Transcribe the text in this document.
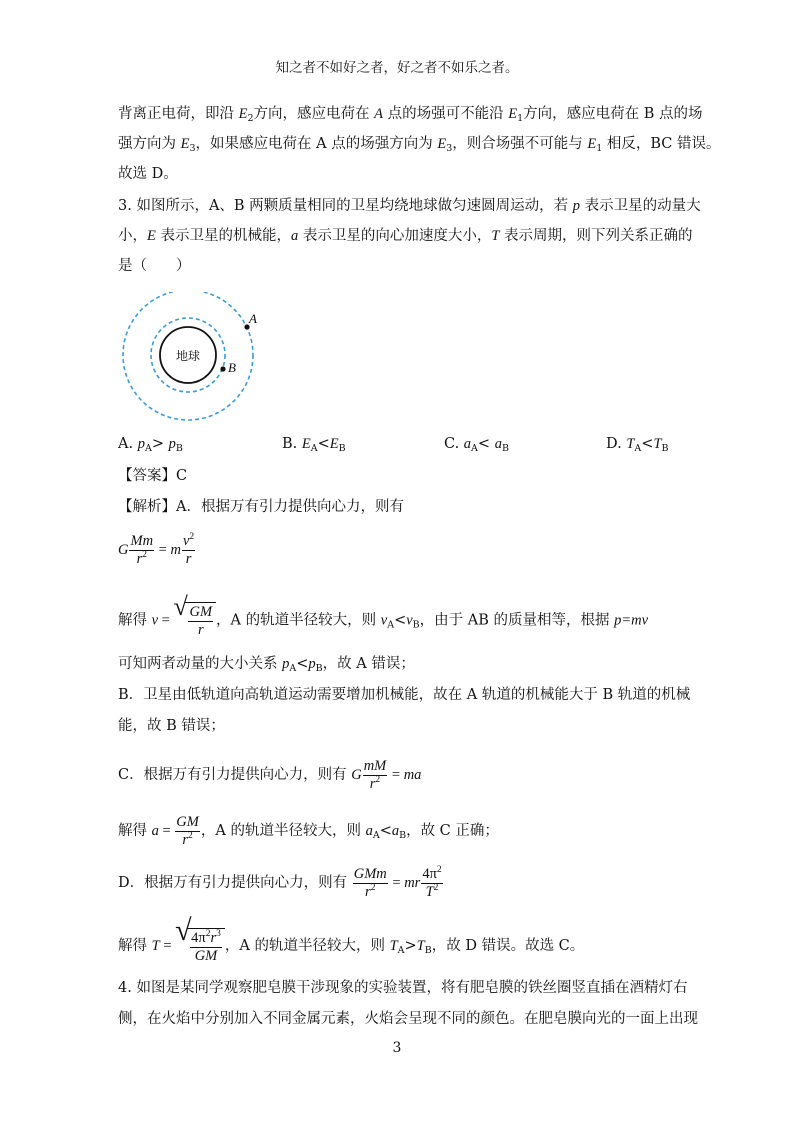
知之者不如好之者，好之者不如乐之者。
背离正电荷，即沿 $E_2$方向，感应电荷在 A 点的场强可不能沿 $E_1$方向，感应电荷在 B 点的场
强方向为 $E_3$，如果感应电荷在 A 点的场强方向为 $E_3$，则合场强不可能与 $E_1$ 相反，BC 错误。
故选 D。
3. 如图所示，A、B 两颗质量相同的卫星均绕地球做匀速圆周运动，若 p 表示卫星的动量大
小，E 表示卫星的机械能，a 表示卫星的向心加速度大小，T 表示周期，则下列关系正确的
是（　　）
地球
A
B
A. $p_A> p_B$	B. $E_A<E_B$	C. $a_A< a_B$	D. $T_A<T_B$
【答案】C
【解析】A．根据万有引力提供向心力，则有
G $\frac{Mm}{r^2} = m \frac{v^2}{r}$
解得 v = √ $\frac{GM}{r}$ ，A 的轨道半径较大，则 $v_A<v_B$，由于 AB 的质量相等，根据 p=mv
可知两者动量的大小关系 $p_A<p_B$，故 A 错误；
B．卫星由低轨道向高轨道运动需要增加机械能，故在 A 轨道的机械能大于 B 轨道的机械
能，故 B 错误；
C．根据万有引力提供向心力，则有 G $\frac{mM}{r^2}$ = ma
解得 $a = \frac{GM}{r^2}$ ，A 的轨道半径较大，则 $a_A<a_B$，故 C 正确；
D．根据万有引力提供向心力，则有 $\frac{\text{GMm}}{r^2}$ = mr $\frac{4\pi^2}{T^2}$
解得 T = √
$\frac{4\pi^2r^3}{GM}$ ，A 的轨道半径较大，则 $T_A>T_B$，故 D 错误。故选 C。
4. 如图是某同学观察肥皂膜干涉现象的实验装置，将有肥皂膜的铁丝圈竖直插在酒精灯右
侧，在火焰中分别加入不同金属元素，火焰会呈现不同的颜色。在肥皂膜向光的一面上出现
3
